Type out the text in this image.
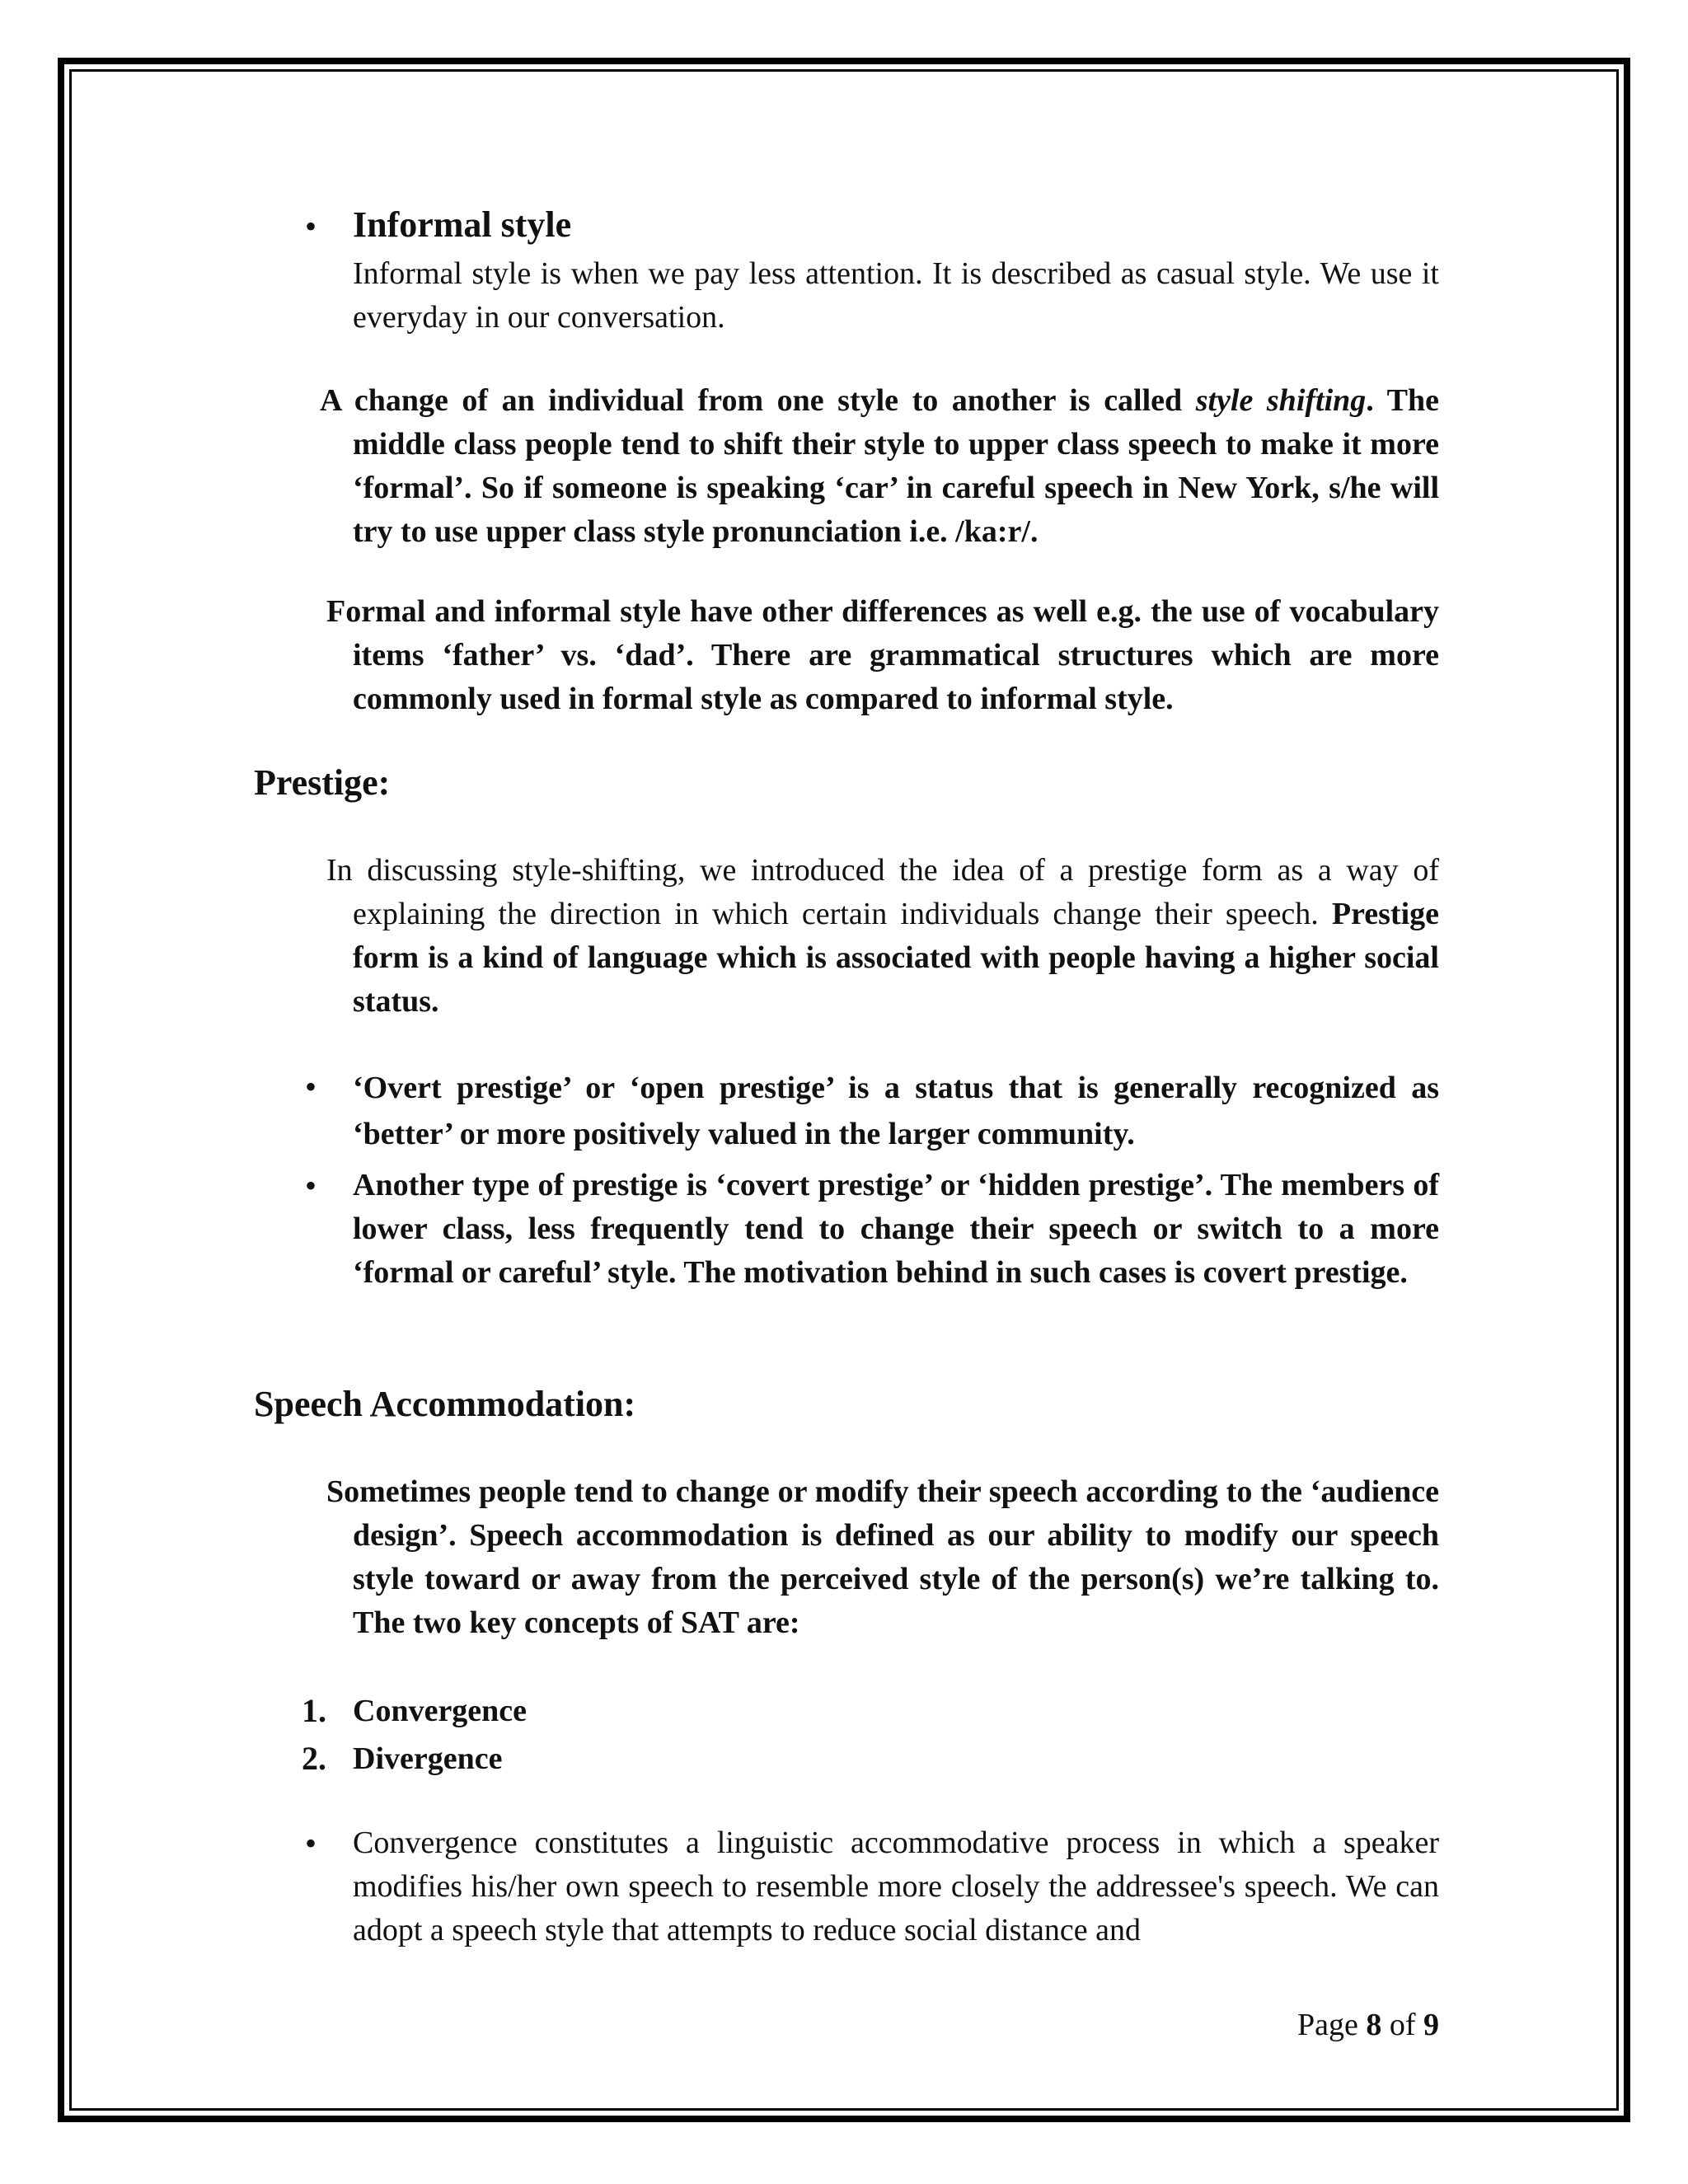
• Informal style

Informal style is when we pay less attention. It is described as casual style. We use it everyday in our conversation.

A change of an individual from one style to another is called style shifting. The middle class people tend to shift their style to upper class speech to make it more ‘formal’. So if someone is speaking ‘car’ in careful speech in New York, s/he will try to use upper class style pronunciation i.e. /ka:r/.

Formal and informal style have other differences as well e.g. the use of vocabulary items ‘father’ vs. ‘dad’. There are grammatical structures which are more commonly used in formal style as compared to informal style.

Prestige:

In discussing style-shifting, we introduced the idea of a prestige form as a way of explaining the direction in which certain individuals change their speech. Prestige form is a kind of language which is associated with people having a higher social status.

• ‘Overt prestige’ or ‘open prestige’ is a status that is generally recognized as ‘better’ or more positively valued in the larger community.

• Another type of prestige is ‘covert prestige’ or ‘hidden prestige’. The members of lower class, less frequently tend to change their speech or switch to a more ‘formal or careful’ style. The motivation behind in such cases is covert prestige.

Speech Accommodation:

Sometimes people tend to change or modify their speech according to the ‘audience design’. Speech accommodation is defined as our ability to modify our speech style toward or away from the perceived style of the person(s) we’re talking to. The two key concepts of SAT are:

1. Convergence
2. Divergence
• Convergence constitutes a linguistic accommodative process in which a speaker modifies his/her own speech to resemble more closely the addressee's speech. We can adopt a speech style that attempts to reduce social distance and

Page 8 of 9
